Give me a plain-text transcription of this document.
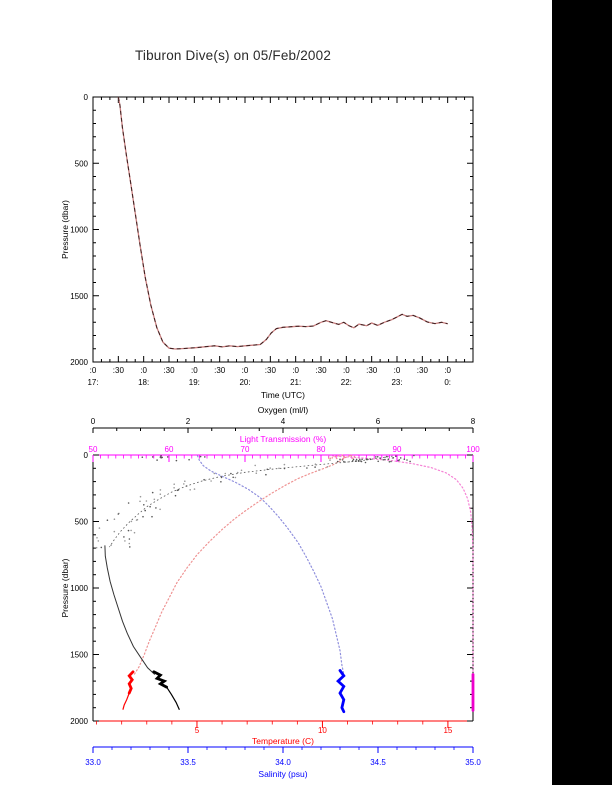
Tiburon Dive(s) on 05/Feb/2002
:0
17:
:30 :0
18:
:30 :0
19:
:30 :0
20:
:30 :0
21:
:30 :0
22:
:30 :0
23:
:30 :0
0:
0
500
1000
1500
2000
Time (UTC)
Pressure (dbar)
0
500
1000
1500
2000
Pressure (dbar)
50	60	70	80	90	100
Light Transmission (%)
0	2	4	6	8
Oxygen (ml/l)
5	10	15
Temperature (C)
33.0	33.5	34.0	34.5	35.0
Salinity (psu)
